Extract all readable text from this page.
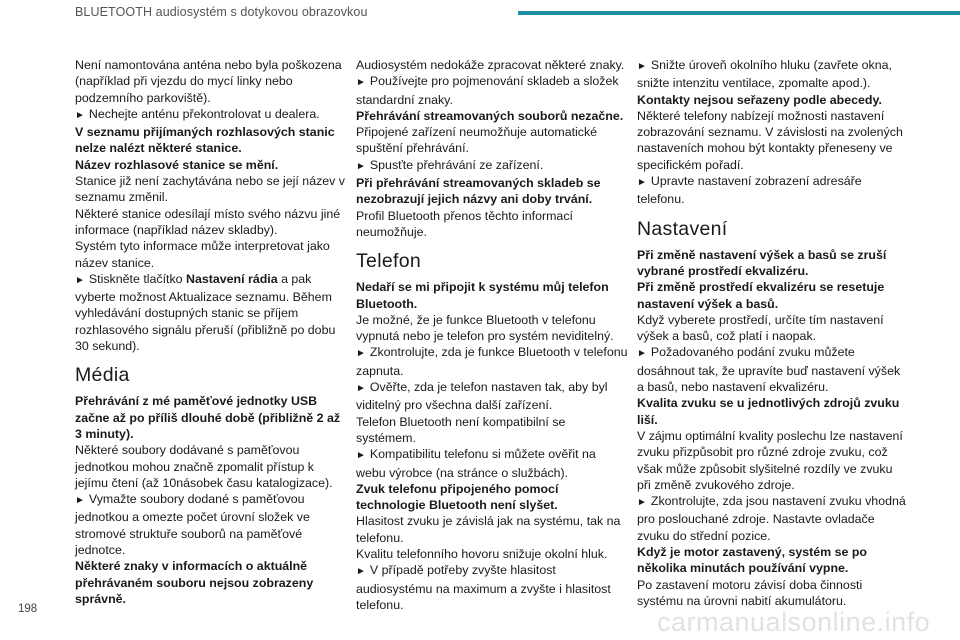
BLUETOOTH audiosystém s dotykovou obrazovkou

Není namontována anténa nebo byla poškozena (například při vjezdu do mycí linky nebo podzemního parkoviště).

► Nechejte anténu překontrolovat u dealera.

V seznamu přijímaných rozhlasových stanic nelze nalézt některé stanice.

Název rozhlasové stanice se mění.

Stanice již není zachytávána nebo se její název v seznamu změnil.

Některé stanice odesílají místo svého názvu jiné informace (například název skladby).

Systém tyto informace může interpretovat jako název stanice.

► Stiskněte tlačítko Nastavení rádia a pak vyberte možnost Aktualizace seznamu. Během vyhledávání dostupných stanic se příjem rozhlasového signálu přeruší (přibližně po dobu 30 sekund).

Média

Přehrávání z mé paměťové jednotky USB začne až po příliš dlouhé době (přibližně 2 až 3 minuty).

Některé soubory dodávané s paměťovou jednotkou mohou značně zpomalit přístup k jejímu čtení (až 10násobek času katalogizace).

► Vymažte soubory dodané s paměťovou jednotkou a omezte počet úrovní složek ve stromové struktuře souborů na paměťové jednotce.

Některé znaky v informacích o aktuálně přehrávaném souboru nejsou zobrazeny správně.

Audiosystém nedokáže zpracovat některé znaky.

► Používejte pro pojmenování skladeb a složek standardní znaky.

Přehrávání streamovaných souborů nezačne.

Připojené zařízení neumožňuje automatické spuštění přehrávání.

► Spusťte přehrávání ze zařízení.

Při přehrávání streamovaných skladeb se nezobrazují jejich názvy ani doby trvání.

Profil Bluetooth přenos těchto informací neumožňuje.

Telefon

Nedaří se mi připojit k systému můj telefon Bluetooth.

Je možné, že je funkce Bluetooth v telefonu vypnutá nebo je telefon pro systém neviditelný.

► Zkontrolujte, zda je funkce Bluetooth v telefonu zapnuta.

► Ověřte, zda je telefon nastaven tak, aby byl viditelný pro všechna další zařízení.

Telefon Bluetooth není kompatibilní se systémem.

► Kompatibilitu telefonu si můžete ověřit na webu výrobce (na stránce o službách).

Zvuk telefonu připojeného pomocí technologie Bluetooth není slyšet.

Hlasitost zvuku je závislá jak na systému, tak na telefonu.

Kvalitu telefonního hovoru snižuje okolní hluk.

► V případě potřeby zvyšte hlasitost audiosystému na maximum a zvyšte i hlasitost telefonu.

► Snižte úroveň okolního hluku (zavřete okna, snižte intenzitu ventilace, zpomalte apod.).

Kontakty nejsou seřazeny podle abecedy.

Některé telefony nabízejí možnosti nastavení zobrazování seznamu. V závislosti na zvolených nastaveních mohou být kontakty přeneseny ve specifickém pořadí.

► Upravte nastavení zobrazení adresáře telefonu.

Nastavení

Při změně nastavení výšek a basů se zruší vybrané prostředí ekvalizéru.

Při změně prostředí ekvalizéru se resetuje nastavení výšek a basů.

Když vyberete prostředí, určíte tím nastavení výšek a basů, což platí i naopak.

► Požadovaného podání zvuku můžete dosáhnout tak, že upravíte buď nastavení výšek a basů, nebo nastavení ekvalizéru.

Kvalita zvuku se u jednotlivých zdrojů zvuku liší.

V zájmu optimální kvality poslechu lze nastavení zvuku přizpůsobit pro různé zdroje zvuku, což však může způsobit slyšitelné rozdíly ve zvuku při změně zvukového zdroje.

► Zkontrolujte, zda jsou nastavení zvuku vhodná pro poslouchané zdroje. Nastavte ovladače zvuku do střední pozice.

Když je motor zastavený, systém se po několika minutách používání vypne.

Po zastavení motoru závisí doba činnosti systému na úrovni nabití akumulátoru.

198	carmanualsonline.info
